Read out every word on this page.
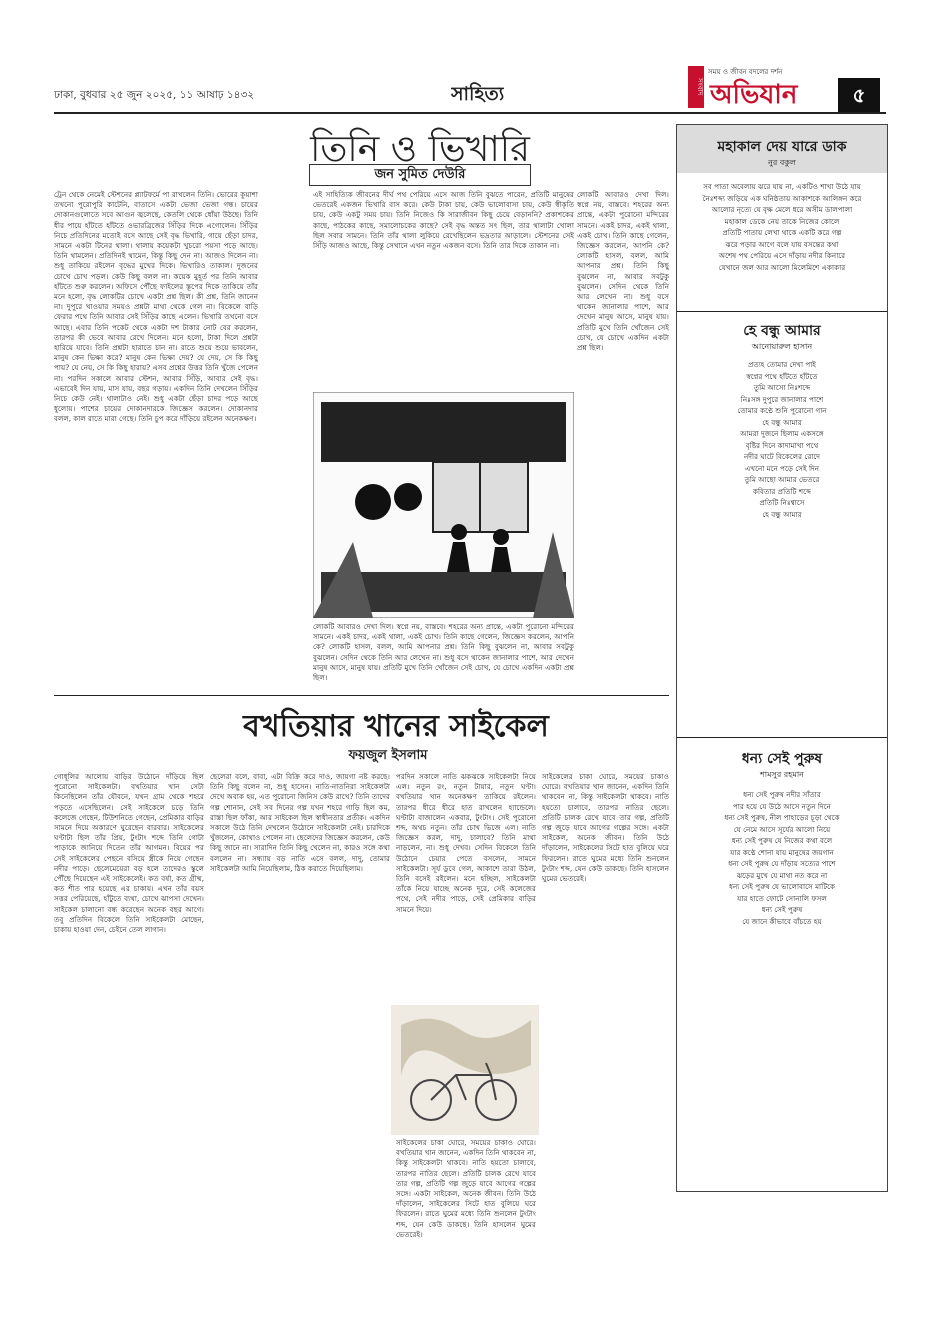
ঢাকা, বুধবার ২৫ জুন ২০২৫, ১১ আষাঢ় ১৪৩২	সাহিত্য	সংবাদ
সময় ও জীবন বদলের দর্শন
অভিযান	৫
তিনি ও ভিখারি
জন সুমিত দেউরি
ট্রেন থেকে নেমেই স্টেশনের প্ল্যাটফর্মে পা রাখলেন তিনি। ভোরের কুয়াশা তখনো পুরোপুরি কাটেনি, বাতাসে একটা ভেজা ভেজা গন্ধ। চায়ের দোকানগুলোতে সবে আগুন জ্বলেছে, কেতলি থেকে ধোঁয়া উঠছে। তিনি ধীর পায়ে হাঁটতে হাঁটতে ওভারব্রিজের সিঁড়ির দিকে এগোলেন। সিঁড়ির নিচে প্রতিদিনের মতোই বসে আছে সেই বৃদ্ধ ভিখারি, গায়ে ছেঁড়া চাদর, সামনে একটা টিনের থালা। থালায় কয়েকটা খুচরো পয়সা পড়ে আছে। তিনি থামলেন। প্রতিদিনই থামেন, কিন্তু কিছু দেন না। আজও দিলেন না। শুধু তাকিয়ে রইলেন বৃদ্ধের মুখের দিকে। ভিখারিও তাকাল। দুজনের চোখে চোখ পড়ল। কেউ কিছু বলল না। কয়েক মুহূর্ত পর তিনি আবার হাঁটতে শুরু করলেন। অফিসে পৌঁছে ফাইলের স্তূপের দিকে তাকিয়ে তাঁর মনে হলো, বৃদ্ধ লোকটির চোখে একটা প্রশ্ন ছিল। কী প্রশ্ন, তিনি জানেন না। দুপুরে খাওয়ার সময়ও প্রশ্নটা মাথা থেকে গেল না। বিকেলে বাড়ি ফেরার পথে তিনি আবার সেই সিঁড়ির কাছে এলেন। ভিখারি তখনো বসে আছে। এবার তিনি পকেট থেকে একটা দশ টাকার নোট বের করলেন, তারপর কী ভেবে আবার রেখে দিলেন। মনে হলো, টাকা দিলে প্রশ্নটা হারিয়ে যাবে। তিনি প্রশ্নটা হারাতে চান না। রাতে শুয়ে শুয়ে ভাবলেন, মানুষ কেন ভিক্ষা করে? মানুষ কেন ভিক্ষা দেয়? যে দেয়, সে কি কিছু পায়? যে নেয়, সে কি কিছু হারায়? এসব প্রশ্নের উত্তর তিনি খুঁজে পেলেন না। পরদিন সকালে আবার স্টেশন, আবার সিঁড়ি, আবার সেই বৃদ্ধ। এভাবেই দিন যায়, মাস যায়, বছর গড়ায়। একদিন তিনি দেখলেন সিঁড়ির নিচে কেউ নেই। থালাটাও নেই। শুধু একটা ছেঁড়া চাদর পড়ে আছে ধুলোয়। পাশের চায়ের দোকানদারকে জিজ্ঞেস করলেন। দোকানদার বলল, কাল রাতে মারা গেছে। তিনি চুপ করে দাঁড়িয়ে রইলেন অনেকক্ষণ।
এই সাহিত্যিক জীবনের দীর্ঘ পথ পেরিয়ে এসে আজ তিনি বুঝতে পারেন, প্রতিটি মানুষের ভেতরেই একজন ভিখারি বাস করে। কেউ টাকা চায়, কেউ ভালোবাসা চায়, কেউ স্বীকৃতি চায়, কেউ একটু সময় চায়। তিনি নিজেও কি সারাজীবন কিছু চেয়ে বেড়াননি? প্রকাশকের কাছে, পাঠকের কাছে, সমালোচকের কাছে? সেই বৃদ্ধ অন্তত সৎ ছিল, তার থালাটা খোলা ছিল সবার সামনে। তিনি তাঁর থালা লুকিয়ে রেখেছিলেন ভদ্রতার আড়ালে। স্টেশনের সেই সিঁড়ি আজও আছে, কিন্তু সেখানে এখন নতুন একজন বসে। তিনি তার দিকে তাকান না।
লোকটি আবারও দেখা দিল। স্বপ্নে নয়, বাস্তবে। শহরের অন্য প্রান্তে, একটা পুরোনো মন্দিরের সামনে। একই চাদর, একই থালা, একই চোখ। তিনি কাছে গেলেন, জিজ্ঞেস করলেন, আপনি কে? লোকটি হাসল, বলল, আমি আপনার প্রশ্ন। তিনি কিছু বুঝলেন না, আবার সবটুকু বুঝলেন। সেদিন থেকে তিনি আর লেখেন না। শুধু বসে থাকেন জানালার পাশে, আর দেখেন মানুষ আসে, মানুষ যায়। প্রতিটি মুখে তিনি খোঁজেন সেই চোখ, যে চোখে একদিন একটা প্রশ্ন ছিল।
লোকটি আবারও দেখা দিল। স্বপ্নে নয়, বাস্তবে। শহরের অন্য প্রান্তে, একটা পুরোনো মন্দিরের সামনে। একই চাদর, একই থালা, একই চোখ। তিনি কাছে গেলেন, জিজ্ঞেস করলেন, আপনি কে? লোকটি হাসল, বলল, আমি আপনার প্রশ্ন। তিনি কিছু বুঝলেন না, আবার সবটুকু বুঝলেন। সেদিন থেকে তিনি আর লেখেন না। শুধু বসে থাকেন জানালার পাশে, আর দেখেন মানুষ আসে, মানুষ যায়। প্রতিটি মুখে তিনি খোঁজেন সেই চোখ, যে চোখে একদিন একটা প্রশ্ন ছিল।
বখতিয়ার খানের সাইকেল
ফয়জুল ইসলাম
গোধূলির আলোয় বাড়ির উঠোনে দাঁড়িয়ে ছিল পুরোনো সাইকেলটা। বখতিয়ার খান সেটা কিনেছিলেন তাঁর যৌবনে, যখন গ্রাম থেকে শহরে পড়তে এসেছিলেন। সেই সাইকেলে চড়ে তিনি কলেজে গেছেন, টিউশনিতে গেছেন, প্রেমিকার বাড়ির সামনে দিয়ে অকারণে ঘুরেছেন বারবার। সাইকেলের ঘণ্টাটা ছিল তাঁর প্রিয়, টুংটাং শব্দে তিনি গোটা পাড়াকে জানিয়ে দিতেন তাঁর আগমন। বিয়ের পর সেই সাইকেলের পেছনে বসিয়ে স্ত্রীকে নিয়ে গেছেন নদীর পাড়ে। ছেলেমেয়েরা বড় হলে তাদেরও স্কুলে পৌঁছে দিয়েছেন এই সাইকেলেই। কত বর্ষা, কত গ্রীষ্ম, কত শীত পার হয়েছে এর চাকায়। এখন তাঁর বয়স সত্তর পেরিয়েছে, হাঁটুতে ব্যথা, চোখে ঝাপসা দেখেন। সাইকেল চালানো বন্ধ করেছেন অনেক বছর আগে। তবু প্রতিদিন বিকেলে তিনি সাইকেলটা মোছেন, চাকায় হাওয়া দেন, চেইনে তেল লাগান।
ছেলেরা বলে, বাবা, এটা বিক্রি করে দাও, জায়গা নষ্ট করছে। তিনি কিছু বলেন না, শুধু হাসেন। নাতি-নাতনিরা সাইকেলটা দেখে অবাক হয়, এত পুরোনো জিনিস কেউ রাখে? তিনি তাদের গল্প শোনান, সেই সব দিনের গল্প যখন শহরে গাড়ি ছিল কম, রাস্তা ছিল ফাঁকা, আর সাইকেল ছিল স্বাধীনতার প্রতীক। একদিন সকালে উঠে তিনি দেখলেন উঠোনে সাইকেলটা নেই। চারদিকে খুঁজলেন, কোথাও পেলেন না। ছেলেদের জিজ্ঞেস করলেন, কেউ কিছু জানে না। সারাদিন তিনি কিছু খেলেন না, কারও সঙ্গে কথা বললেন না। সন্ধ্যায় বড় নাতি এসে বলল, দাদু, তোমার সাইকেলটা আমি নিয়েছিলাম, ঠিক করাতে দিয়েছিলাম।
পরদিন সকালে নাতি ঝকঝকে সাইকেলটা নিয়ে এল। নতুন রং, নতুন টায়ার, নতুন ঘণ্টা। বখতিয়ার খান অনেকক্ষণ তাকিয়ে রইলেন। তারপর ধীরে ধীরে হাত রাখলেন হ্যান্ডেলে। ঘণ্টাটা বাজালেন একবার, টুংটাং। সেই পুরোনো শব্দ, অথচ নতুন। তাঁর চোখ ভিজে এল। নাতি জিজ্ঞেস করল, দাদু, চালাবে? তিনি মাথা নাড়লেন, না। শুধু দেখব। সেদিন বিকেলে তিনি উঠোনে চেয়ার পেতে বসলেন, সামনে সাইকেলটা। সূর্য ডুবে গেল, আকাশে তারা উঠল, তিনি বসেই রইলেন। মনে হচ্ছিল, সাইকেলটা তাঁকে নিয়ে যাচ্ছে অনেক দূরে, সেই কলেজের পথে, সেই নদীর পাড়ে, সেই প্রেমিকার বাড়ির সামনে দিয়ে।
সাইকেলের চাকা ঘোরে, সময়ের চাকাও ঘোরে। বখতিয়ার খান জানেন, একদিন তিনি থাকবেন না, কিন্তু সাইকেলটা থাকবে। নাতি হয়তো চালাবে, তারপর নাতির ছেলে। প্রতিটি চালক রেখে যাবে তার গল্প, প্রতিটি গল্প জুড়ে যাবে আগের গল্পের সঙ্গে। একটা সাইকেল, অনেক জীবন। তিনি উঠে দাঁড়ালেন, সাইকেলের সিটে হাত বুলিয়ে ঘরে ফিরলেন। রাতে ঘুমের মধ্যে তিনি শুনলেন টুংটাং শব্দ, যেন কেউ ডাকছে। তিনি হাসলেন ঘুমের ভেতরেই।
সাইকেলের চাকা ঘোরে, সময়ের চাকাও ঘোরে। বখতিয়ার খান জানেন, একদিন তিনি থাকবেন না, কিন্তু সাইকেলটা থাকবে। নাতি হয়তো চালাবে, তারপর নাতির ছেলে। প্রতিটি চালক রেখে যাবে তার গল্প, প্রতিটি গল্প জুড়ে যাবে আগের গল্পের সঙ্গে। একটা সাইকেল, অনেক জীবন। তিনি উঠে দাঁড়ালেন, সাইকেলের সিটে হাত বুলিয়ে ঘরে ফিরলেন। রাতে ঘুমের মধ্যে তিনি শুনলেন টুংটাং শব্দ, যেন কেউ ডাকছে। তিনি হাসলেন ঘুমের ভেতরেই।
মহাকাল দেয় যারে ডাক
নুর বকুল
সব পাতা অবেলায় ঝরে যায় না, একটিও শাখা উঠে যায়
নৈঃশব্দ্য জড়িয়ে এক ঘনিষ্ঠতায় আকাশকে আলিঙ্গন করে
আলোর নৃত্যে যে বৃক্ষ মেলে ধরে অসীম ডালপালা
মহাকাল ডেকে নেয় তাকে নিজের কোলে
প্রতিটি পাতায় লেখা থাকে একটি করে গল্প
ঝরে পড়ার আগে বলে যায় বসন্তের কথা
অশেষ পথ পেরিয়ে এসে দাঁড়ায় নদীর কিনারে
যেখানে জল আর আলো মিলেমিশে একাকার
হে বন্ধু আমার
আনোয়ারুল হাসান
প্রত্যহ তোমার দেখা পাই
স্বপ্নের পথে হাঁটতে হাঁটতে
তুমি আসো নিঃশব্দে
নিঃসঙ্গ দুপুরে জানালার পাশে
তোমার কণ্ঠে শুনি পুরোনো গান
হে বন্ধু আমার
আমরা দুজনে ছিলাম একসঙ্গে
বৃষ্টির দিনে কাদামাখা পথে
নদীর ঘাটে বিকেলের রোদে
এখনো মনে পড়ে সেই দিন
তুমি আছো আমার ভেতরে
কবিতার প্রতিটি শব্দে
প্রতিটি নিঃশ্বাসে
হে বন্ধু আমার
ধন্য সেই পুরুষ
শামসুর রহমান
ধন্য সেই পুরুষ নদীর সাঁতার
পার হয়ে যে উঠে আসে নতুন দিনে
ধন্য সেই পুরুষ, নীল পাহাড়ের চূড়া থেকে
যে নেমে আসে সূর্যের আলো নিয়ে
ধন্য সেই পুরুষ যে নিজের কথা বলে
যার কণ্ঠে শোনা যায় মানুষের জয়গান
ধন্য সেই পুরুষ যে দাঁড়ায় সত্যের পাশে
ঝড়ের মুখে যে মাথা নত করে না
ধন্য সেই পুরুষ যে ভালোবাসে মাটিকে
যার হাতে ফোটে সোনালি ফসল
ধন্য সেই পুরুষ
যে জানে কীভাবে বাঁচতে হয়
